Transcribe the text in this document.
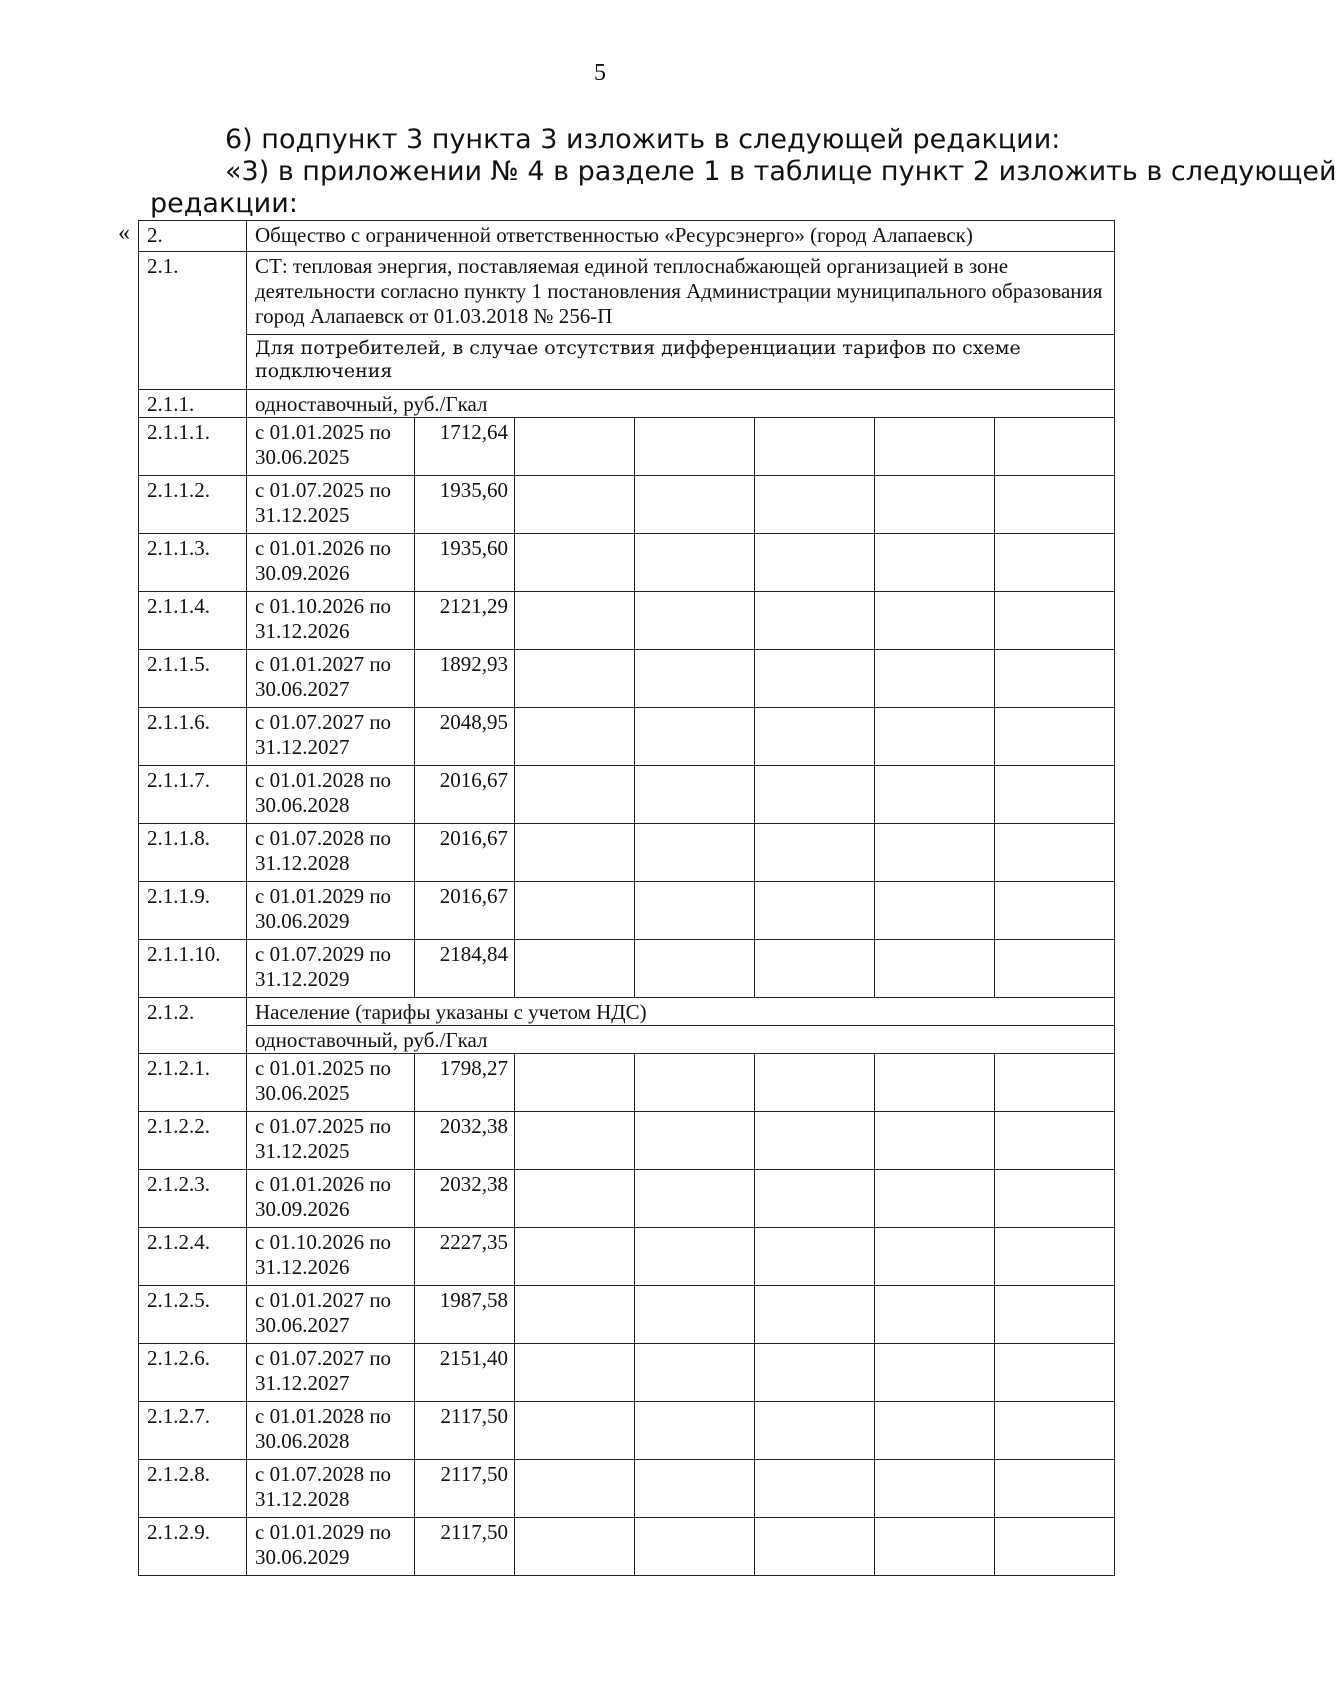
5
6) подпункт 3 пункта 3 изложить в следующей редакции:
«3) в приложении № 4 в разделе 1 в таблице пункт 2 изложить в следующей
редакции:
« 2.	Общество с ограниченной ответственностью «Ресурсэнерго» (город Алапаевск)						
2.1.	СТ: тепловая энергия, поставляемая единой теплоснабжающей организацией в зоне деятельности согласно пункту 1 постановления Администрации муниципального образования город Алапаевск от 01.03.2018 № 256-П						
	Для потребителей, в случае отсутствия дифференциации тарифов по схеме подключения						
2.1.1.	одноставочный, руб./Гкал						
2.1.1.1.	с 01.01.2025 по 30.06.2025	1712,64					
2.1.1.2.	с 01.07.2025 по 31.12.2025	1935,60					
2.1.1.3.	с 01.01.2026 по 30.09.2026	1935,60					
2.1.1.4.	с 01.10.2026 по 31.12.2026	2121,29					
2.1.1.5.	с 01.01.2027 по 30.06.2027	1892,93					
2.1.1.6.	с 01.07.2027 по 31.12.2027	2048,95					
2.1.1.7.	с 01.01.2028 по 30.06.2028	2016,67					
2.1.1.8.	с 01.07.2028 по 31.12.2028	2016,67					
2.1.1.9.	с 01.01.2029 по 30.06.2029	2016,67					
2.1.1.10.	с 01.07.2029 по 31.12.2029	2184,84					
2.1.2.	Население (тарифы указаны с учетом НДС)						
	одноставочный, руб./Гкал						
2.1.2.1.	с 01.01.2025 по 30.06.2025	1798,27					
2.1.2.2.	с 01.07.2025 по 31.12.2025	2032,38					
2.1.2.3.	с 01.01.2026 по 30.09.2026	2032,38					
2.1.2.4.	с 01.10.2026 по 31.12.2026	2227,35					
2.1.2.5.	с 01.01.2027 по 30.06.2027	1987,58					
2.1.2.6.	с 01.07.2027 по 31.12.2027	2151,40					
2.1.2.7.	с 01.01.2028 по 30.06.2028	2117,50					
2.1.2.8.	с 01.07.2028 по 31.12.2028	2117,50					
2.1.2.9.	с 01.01.2029 по 30.06.2029	2117,50					
